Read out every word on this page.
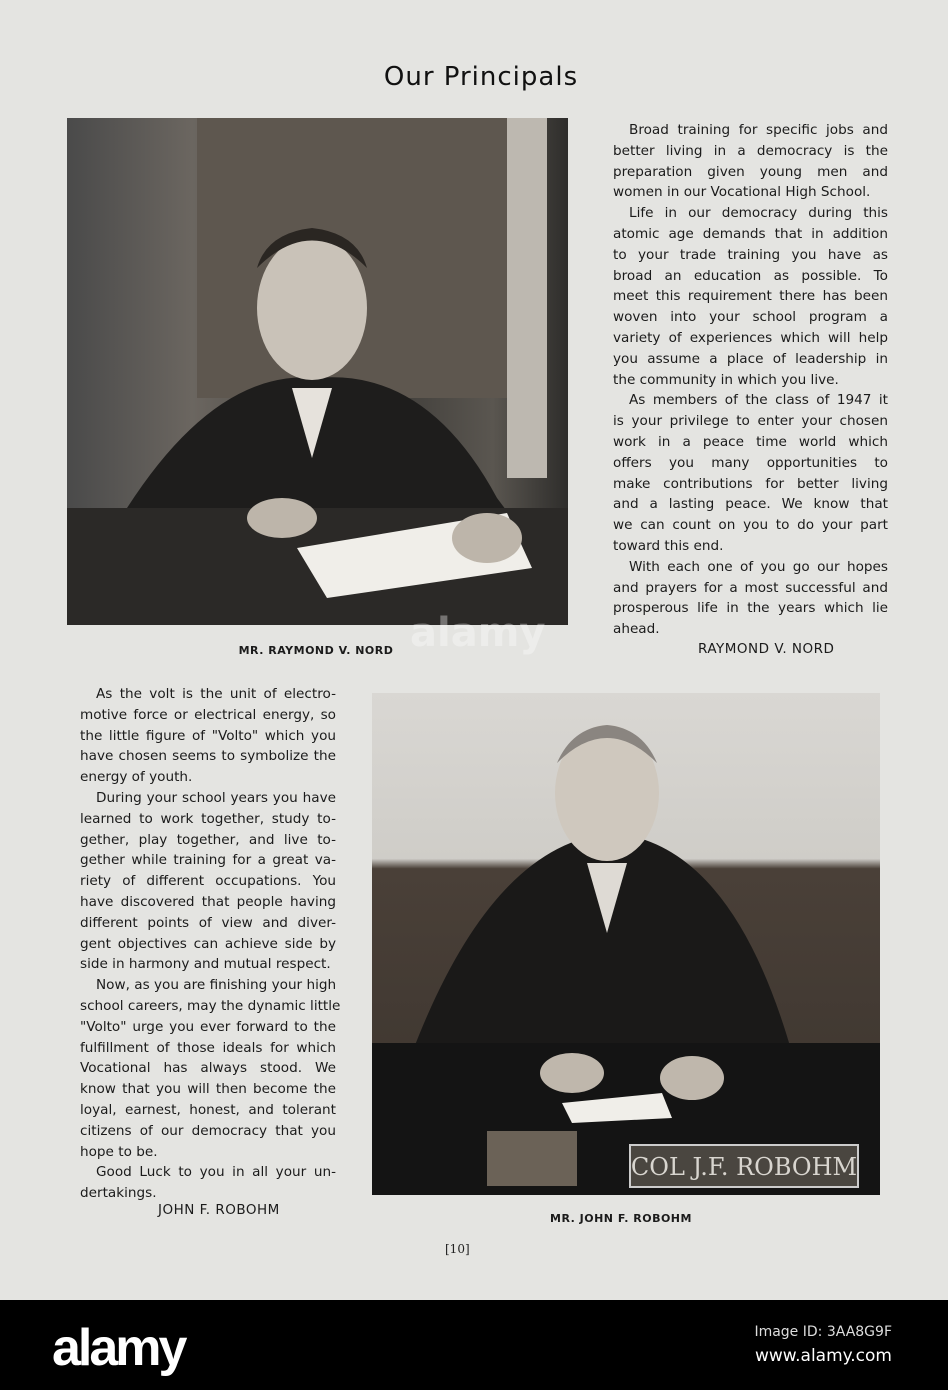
Our Principals
MR. RAYMOND V. NORD
Broad training for specific jobs and
better living in a democracy is the
preparation given young men and
women in our Vocational High School.
Life in our democracy during this
atomic age demands that in addition
to your trade training you have as
broad an education as possible. To
meet this requirement there has been
woven into your school program a
variety of experiences which will help
you assume a place of leadership in
the community in which you live.
As members of the class of 1947 it
is your privilege to enter your chosen
work in a peace time world which
offers you many opportunities to
make contributions for better living
and a lasting peace. We know that
we can count on you to do your part
toward this end.
With each one of you go our hopes
and prayers for a most successful and
prosperous life in the years which lie
ahead.
RAYMOND V. NORD
As the volt is the unit of electro-
motive force or electrical energy, so
the little figure of "Volto" which you
have chosen seems to symbolize the
energy of youth.
During your school years you have
learned to work together, study to-
gether, play together, and live to-
gether while training for a great va-
riety of different occupations. You
have discovered that people having
different points of view and diver-
gent objectives can achieve side by
side in harmony and mutual respect.
Now, as you are finishing your high
school careers, may the dynamic little
"Volto" urge you ever forward to the
fulfillment of those ideals for which
Vocational has always stood. We
know that you will then become the
loyal, earnest, honest, and tolerant
citizens of our democracy that you
hope to be.
Good Luck to you in all your un-
dertakings.
JOHN F. ROBOHM
COL J.F. ROBOHM
MR. JOHN F. ROBOHM
[10]
alamy
alamy	Image ID: 3AA8G9F
www.alamy.com
